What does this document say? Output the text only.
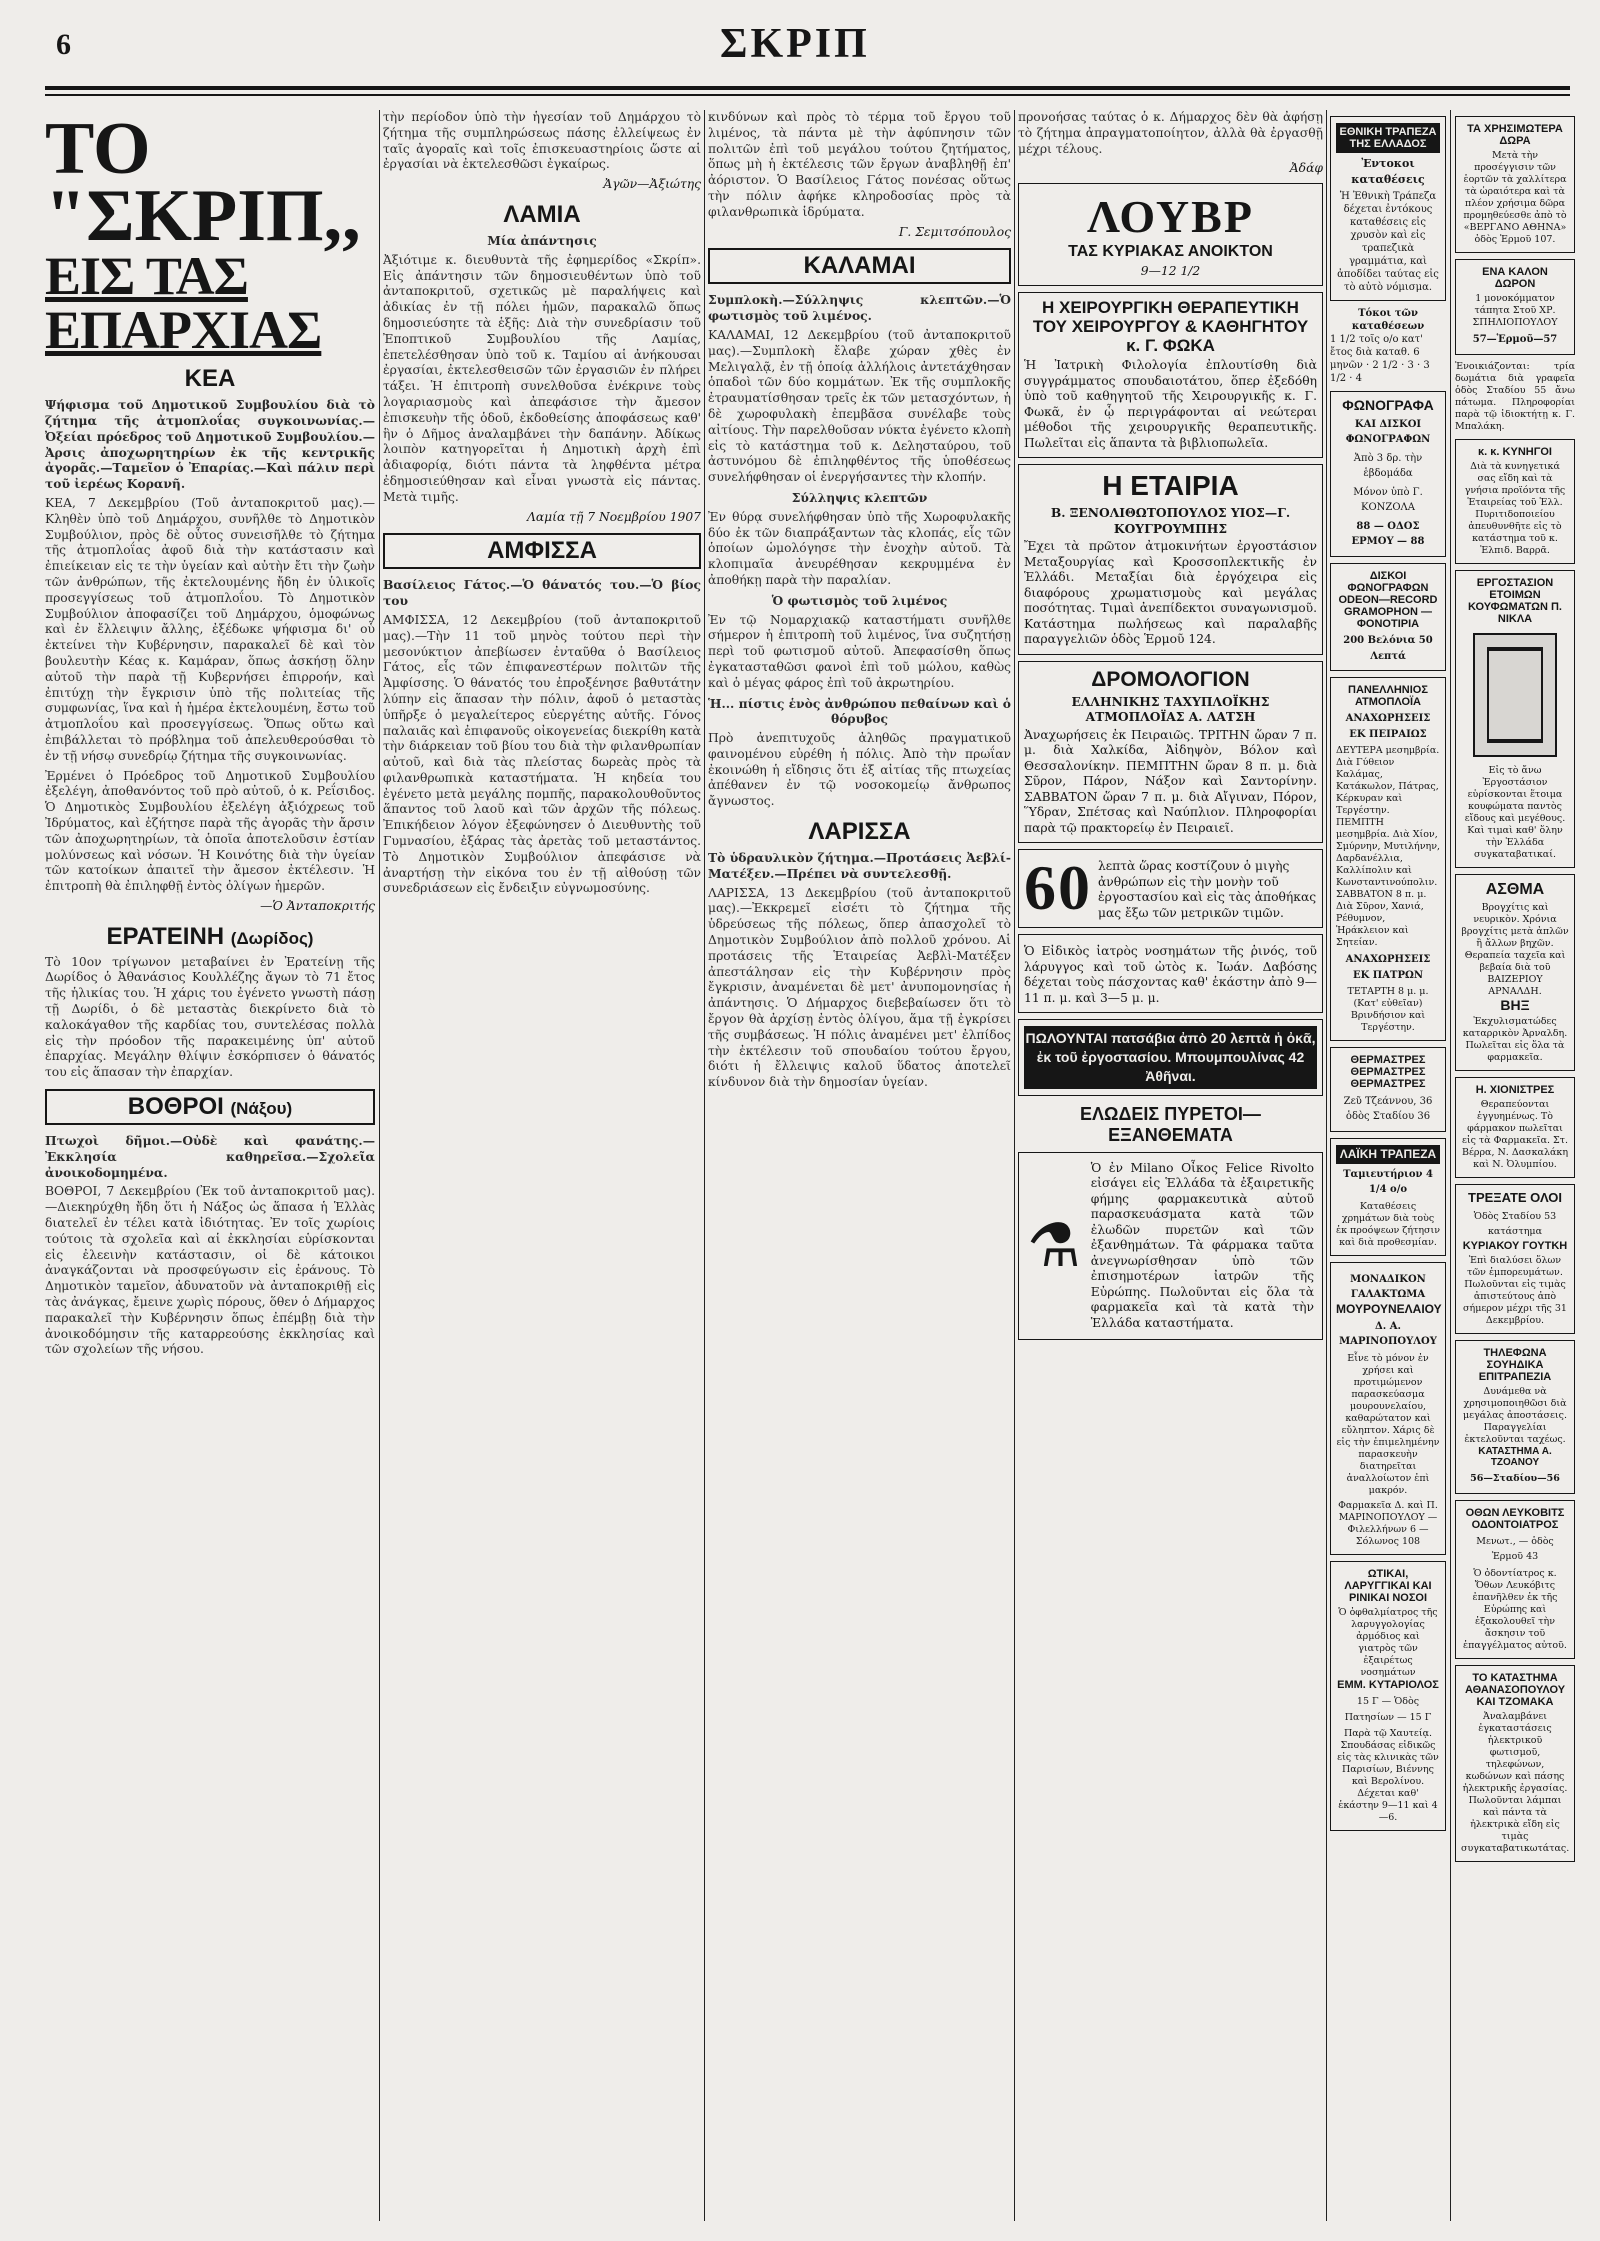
6	ΣΚΡΙΠ
ΤΟ "ΣΚΡΙΠ,,
ΕΙΣ ΤΑΣ ΕΠΑΡΧΙΑΣ
ΚΕΑ

Ψήφισμα τοῦ Δημοτικοῦ Συμβουλίου διὰ τὸ ζήτημα τῆς ἀτμοπλοΐας συγκοινωνίας.—Ὀξείαι πρόεδρος τοῦ Δημοτικοῦ Συμβουλίου.—Ἀρσις ἀποχωρητηρίων ἐκ τῆς κεντρικῆς ἀγορᾶς.—Ταμεῖον ὁ Ἐπαρίας.—Καὶ πάλιν περὶ τοῦ ἰερέως Κορανῆ.

ΚΕΑ, 7 Δεκεμβρίου (Τοῦ ἀνταποκριτοῦ μας).—Κληθὲν ὑπὸ τοῦ Δημάρχου, συνῆλθε τὸ Δημοτικὸν Συμβούλιον, πρὸς δὲ οὗτος συνεισῆλθε τὸ ζήτημα τῆς ἀτμοπλοΐας ἀφοῦ διὰ τὴν κατάστασιν καὶ ἐπιείκειαν εἰς τε τὴν ὑγείαν καὶ αὐτὴν ἔτι τὴν ζωὴν τῶν ἀνθρώπων, τῆς ἐκτελουμένης ἤδη ἐν ὑλικοῖς προσεγγίσεως τοῦ ἀτμοπλοΐου. Τὸ Δημοτικὸν Συμβούλιον ἀποφασίζει τοῦ Δημάρχου, ὁμοφώνως καὶ ἐν ἔλλειψιν ἄλλης, ἐξέδωκε ψήφισμα δι' οὗ ἐκτείνει τὴν Κυβέρνησιν, παρακαλεῖ δὲ καὶ τὸν βουλευτὴν Κέας κ. Καμάραν, ὅπως ἀσκήσῃ ὅλην αὐτοῦ τὴν παρὰ τῇ Κυβερνήσει ἐπιρροήν, καὶ ἐπιτύχῃ τὴν ἔγκρισιν ὑπὸ τῆς πολιτείας τῆς συμφωνίας, ἵνα καὶ ἡ ἡμέρα ἐκτελουμένη, ἔστω τοῦ ἀτμοπλοΐου καὶ προσεγγίσεως. Ὅπως οὕτω καὶ ἐπιβάλλεται τὸ πρόβλημα τοῦ ἀπελευθερούσθαι τὸ ἐν τῇ νήσῳ συνεδρίῳ ζήτημα τῆς συγκοινωνίας.

Ἐρμένει ὁ Πρόεδρος τοῦ Δημοτικοῦ Συμβουλίου ἐξελέγη, ἀποθανόντος τοῦ πρὸ αὐτοῦ, ὁ κ. Ρεΐσιδος. Ὁ Δημοτικὸς Συμβουλίου ἐξελέγη ἀξιόχρεως τοῦ Ἰδρύματος, καὶ ἐζήτησε παρὰ τῆς ἀγορᾶς τὴν ἄρσιν τῶν ἀποχωρητηρίων, τὰ ὁποῖα ἀποτελοῦσιν ἐστίαν μολύνσεως καὶ νόσων. Ἡ Κοινότης διὰ τὴν ὑγείαν τῶν κατοίκων ἀπαιτεῖ τὴν ἄμεσον ἐκτέλεσιν. Ἡ ἐπιτροπὴ θὰ ἐπιληφθῇ ἐντὸς ὀλίγων ἡμερῶν.

—Ὁ Ἀνταποκριτής
ΕΡΑΤΕΙΝΗ (Δωρίδος)

Τὸ 10ον τρίγωνον μεταβαίνει ἐν Ἐρατείνῃ τῆς Δωρίδος ὁ Ἀθανάσιος Κουλλέζης ἄγων τὸ 71 ἔτος τῆς ἡλικίας του. Ἡ χάρις του ἐγένετο γνωστὴ πάσῃ τῇ Δωρίδι, ὁ δὲ μεταστὰς διεκρίνετο διὰ τὸ καλοκάγαθον τῆς καρδίας του, συντελέσας πολλὰ εἰς τὴν πρόοδον τῆς παρακειμένης ὑπ' αὐτοῦ ἐπαρχίας. Μεγάλην θλίψιν ἐσκόρπισεν ὁ θάνατός του εἰς ἅπασαν τὴν ἐπαρχίαν.

ΒΟΘΡΟΙ (Νάξου)

Πτωχοὶ δῆμοι.—Οὐδὲ καὶ φανάτης.—Ἐκκλησία καθηρεῖσα.—Σχολεῖα ἀνοικοδομημένα.

ΒΟΘΡΟΙ, 7 Δεκεμβρίου (Ἐκ τοῦ ἀνταποκριτοῦ μας).—Διεκηρύχθη ἤδη ὅτι ἡ Νάξος ὡς ἅπασα ἡ Ἑλλὰς διατελεῖ ἐν τέλει κατὰ ἰδιότητας. Ἐν τοῖς χωρίοις τούτοις τὰ σχολεῖα καὶ αἱ ἐκκλησίαι εὑρίσκονται εἰς ἐλεεινὴν κατάστασιν, οἱ δὲ κάτοικοι ἀναγκάζονται νὰ προσφεύγωσιν εἰς ἐράνους. Τὸ Δημοτικὸν ταμεῖον, ἀδυνατοῦν νὰ ἀνταποκριθῇ εἰς τὰς ἀνάγκας, ἔμεινε χωρὶς πόρους, ὅθεν ὁ Δήμαρχος παρακαλεῖ τὴν Κυβέρνησιν ὅπως ἐπέμβῃ διὰ τὴν ἀνοικοδόμησιν τῆς καταρρεούσης ἐκκλησίας καὶ τῶν σχολείων τῆς νήσου.

τὴν περίοδον ὑπὸ τὴν ἡγεσίαν τοῦ Δημάρχου τὸ ζήτημα τῆς συμπληρώσεως πάσης ἐλλείψεως ἐν ταῖς ἀγοραῖς καὶ τοῖς ἐπισκευαστηρίοις ὥστε αἱ ἐργασίαι νὰ ἐκτελεσθῶσι ἐγκαίρως.

Ἀγῶν—Ἀξιώτης
ΛΑΜΙΑ

Μία ἀπάντησις

Ἀξιότιμε κ. διευθυντὰ τῆς ἐφημερίδος «Σκρίπ». Εἰς ἀπάντησιν τῶν δημοσιευθέντων ὑπὸ τοῦ ἀνταποκριτοῦ, σχετικῶς μὲ παραλήψεις καὶ ἀδικίας ἐν τῇ πόλει ἡμῶν, παρακαλῶ ὅπως δημοσιεύσητε τὰ ἑξῆς: Διὰ τὴν συνεδρίασιν τοῦ Ἐποπτικοῦ Συμβουλίου τῆς Λαμίας, ἐπετελέσθησαν ὑπὸ τοῦ κ. Ταμίου αἱ ἀνήκουσαι ἐργασίαι, ἐκτελεσθεισῶν τῶν ἐργασιῶν ἐν πλήρει τάξει. Ἡ ἐπιτροπὴ συνελθοῦσα ἐνέκρινε τοὺς λογαριασμοὺς καὶ ἀπεφάσισε τὴν ἄμεσον ἐπισκευὴν τῆς ὁδοῦ, ἐκδοθείσης ἀποφάσεως καθ' ἣν ὁ Δῆμος ἀναλαμβάνει τὴν δαπάνην. Ἀδίκως λοιπὸν κατηγορεῖται ἡ Δημοτικὴ ἀρχὴ ἐπὶ ἀδιαφορίᾳ, διότι πάντα τὰ ληφθέντα μέτρα ἐδημοσιεύθησαν καὶ εἶναι γνωστὰ εἰς πάντας. Μετὰ τιμῆς.

Λαμία τῇ 7 Νοεμβρίου 1907
ΑΜΦΙΣΣΑ

Βασίλειος Γάτος.—Ὁ θάνατός του.—Ὁ βίος του

ΑΜΦΙΣΣΑ, 12 Δεκεμβρίου (τοῦ ἀνταποκριτοῦ μας).—Τὴν 11 τοῦ μηνὸς τούτου περὶ τὴν μεσονύκτιον ἀπεβίωσεν ἐνταῦθα ὁ Βασίλειος Γάτος, εἷς τῶν ἐπιφανεστέρων πολιτῶν τῆς Ἀμφίσσης. Ὁ θάνατός του ἐπροξένησε βαθυτάτην λύπην εἰς ἅπασαν τὴν πόλιν, ἀφοῦ ὁ μεταστὰς ὑπῆρξε ὁ μεγαλείτερος εὐεργέτης αὐτῆς. Γόνος παλαιᾶς καὶ ἐπιφανοῦς οἰκογενείας διεκρίθη κατὰ τὴν διάρκειαν τοῦ βίου του διὰ τὴν φιλανθρωπίαν αὐτοῦ, καὶ διὰ τὰς πλείστας δωρεὰς πρὸς τὰ φιλανθρωπικὰ καταστήματα. Ἡ κηδεία του ἐγένετο μετὰ μεγάλης πομπῆς, παρακολουθοῦντος ἅπαντος τοῦ λαοῦ καὶ τῶν ἀρχῶν τῆς πόλεως. Ἐπικήδειον λόγον ἐξεφώνησεν ὁ Διευθυντὴς τοῦ Γυμνασίου, ἐξάρας τὰς ἀρετὰς τοῦ μεταστάντος. Τὸ Δημοτικὸν Συμβούλιον ἀπεφάσισε νὰ ἀναρτήσῃ τὴν εἰκόνα του ἐν τῇ αἰθούσῃ τῶν συνεδριάσεων εἰς ἔνδειξιν εὐγνωμοσύνης.

κινδύνων καὶ πρὸς τὸ τέρμα τοῦ ἔργου τοῦ λιμένος, τὰ πάντα μὲ τὴν ἀφύπνησιν τῶν πολιτῶν ἐπὶ τοῦ μεγάλου τούτου ζητήματος, ὅπως μὴ ἡ ἐκτέλεσις τῶν ἔργων ἀναβληθῇ ἐπ' ἀόριστον. Ὁ Βασίλειος Γάτος πονέσας οὕτως τὴν πόλιν ἀφήκε κληροδοσίας πρὸς τὰ φιλανθρωπικὰ ἱδρύματα.

Γ. Σεμιτσόπουλος
ΚΑΛΑΜΑΙ

Συμπλοκὴ.—Σύλληψις κλεπτῶν.—Ὁ φωτισμὸς τοῦ λιμένος.

ΚΑΛΑΜΑΙ, 12 Δεκεμβρίου (τοῦ ἀνταποκριτοῦ μας).—Συμπλοκὴ ἔλαβε χώραν χθὲς ἐν Μελιγαλᾷ, ἐν τῇ ὁποίᾳ ἀλλήλοις ἀντετάχθησαν ὁπαδοὶ τῶν δύο κομμάτων. Ἐκ τῆς συμπλοκῆς ἐτραυματίσθησαν τρεῖς ἐκ τῶν μετασχόντων, ἡ δὲ χωροφυλακὴ ἐπεμβᾶσα συνέλαβε τοὺς αἰτίους. Τὴν παρελθοῦσαν νύκτα ἐγένετο κλοπὴ εἰς τὸ κατάστημα τοῦ κ. Δελησταύρου, τοῦ ἀστυνόμου δὲ ἐπιληφθέντος τῆς ὑποθέσεως συνελήφθησαν οἱ ἐνεργήσαντες τὴν κλοπήν.

Σύλληψις κλεπτῶν

Ἐν θύρᾳ συνελήφθησαν ὑπὸ τῆς Χωροφυλακῆς δύο ἐκ τῶν διαπράξαντων τὰς κλοπάς, εἷς τῶν ὁποίων ὡμολόγησε τὴν ἐνοχὴν αὐτοῦ. Τὰ κλοπιμαῖα ἀνευρέθησαν κεκρυμμένα ἐν ἀποθήκῃ παρὰ τὴν παραλίαν.

Ὁ φωτισμὸς τοῦ λιμένος

Ἐν τῷ Νομαρχιακῷ καταστήματι συνῆλθε σήμερον ἡ ἐπιτροπὴ τοῦ λιμένος, ἵνα συζητήσῃ περὶ τοῦ φωτισμοῦ αὐτοῦ. Ἀπεφασίσθη ὅπως ἐγκατασταθῶσι φανοὶ ἐπὶ τοῦ μώλου, καθὼς καὶ ὁ μέγας φάρος ἐπὶ τοῦ ἀκρωτηρίου.

Ἡ... πίστις ἑνὸς ἀνθρώπου πεθαίνων καὶ ὁ θόρυβος

Πρὸ ἀνεπιτυχοῦς ἀληθῶς πραγματικοῦ φαινομένου εὑρέθη ἡ πόλις. Ἀπὸ τὴν πρωΐαν ἐκοινώθη ἡ εἴδησις ὅτι ἐξ αἰτίας τῆς πτωχείας ἀπέθανεν ἐν τῷ νοσοκομείῳ ἄνθρωπος ἄγνωστος.

ΛΑΡΙΣΣΑ

Τὸ ὑδραυλικὸν ζήτημα.—Προτάσεις Ἀεβλί-Ματέξεν.—Πρέπει νὰ συντελεσθῇ.

ΛΑΡΙΣΣΑ, 13 Δεκεμβρίου (τοῦ ἀνταποκριτοῦ μας).—Ἐκκρεμεῖ εἰσέτι τὸ ζήτημα τῆς ὑδρεύσεως τῆς πόλεως, ὅπερ ἀπασχολεῖ τὸ Δημοτικὸν Συμβούλιον ἀπὸ πολλοῦ χρόνου. Αἱ προτάσεις τῆς Ἑταιρείας Ἀεβλὶ-Ματέξεν ἀπεστάλησαν εἰς τὴν Κυβέρνησιν πρὸς ἔγκρισιν, ἀναμένεται δὲ μετ' ἀνυπομονησίας ἡ ἀπάντησις. Ὁ Δήμαρχος διεβεβαίωσεν ὅτι τὸ ἔργον θὰ ἀρχίσῃ ἐντὸς ὀλίγου, ἅμα τῇ ἐγκρίσει τῆς συμβάσεως. Ἡ πόλις ἀναμένει μετ' ἐλπίδος τὴν ἐκτέλεσιν τοῦ σπουδαίου τούτου ἔργου, διότι ἡ ἔλλειψις καλοῦ ὕδατος ἀποτελεῖ κίνδυνον διὰ τὴν δημοσίαν ὑγείαν.

προνοήσας ταύτας ὁ κ. Δήμαρχος δὲν θὰ ἀφήσῃ τὸ ζήτημα ἀπραγματοποίητον, ἀλλὰ θὰ ἐργασθῇ μέχρι τέλους.

Ἀδάφ
ΛΟΥΒΡ
ΤΑΣ ΚΥΡΙΑΚΑΣ ΑΝΟΙΚΤΟΝ
9—12 1/2
Η ΧΕΙΡΟΥΡΓΙΚΗ ΘΕΡΑΠΕΥΤΙΚΗ ΤΟΥ ΧΕΙΡΟΥΡΓΟΥ & ΚΑΘΗΓΗΤΟΥ κ. Γ. ΦΩΚΑ
Ἡ Ἰατρικὴ Φιλολογία ἐπλουτίσθη διὰ συγγράμματος σπουδαιοτάτου, ὅπερ ἐξεδόθη ὑπὸ τοῦ καθηγητοῦ τῆς Χειρουργικῆς κ. Γ. Φωκᾶ, ἐν ᾧ περιγράφονται αἱ νεώτεραι μέθοδοι τῆς χειρουργικῆς θεραπευτικῆς. Πωλεῖται εἰς ἅπαντα τὰ βιβλιοπωλεῖα.
Η ΕΤΑΙΡΙΑ
Β. ΞΕΝΟΛΙΘΩΤΟΠΟΥΛΟΣ ΥΙΟΣ—Γ. ΚΟΥΓΡΟΥΜΠΗΣ
Ἔχει τὰ πρῶτον ἀτμοκινήτων ἐργοστάσιον Μεταξουργίας καὶ Κροσσοπλεκτικῆς ἐν Ἑλλάδι. Μεταξίαι διὰ ἐργόχειρα εἰς διαφόρους χρωματισμοὺς καὶ μεγάλας ποσότητας. Τιμαὶ ἀνεπίδεκτοι συναγωνισμοῦ. Κατάστημα πωλήσεως καὶ παραλαβῆς παραγγελιῶν ὁδὸς Ἑρμοῦ 124.
ΔΡΟΜΟΛΟΓΙΟΝ
ΕΛΛΗΝΙΚΗΣ ΤΑΧΥΠΛΟΪΚΗΣ ΑΤΜΟΠΛΟΪΑΣ Α. ΛΑΤΣΗ
Ἀναχωρήσεις ἐκ Πειραιῶς. ΤΡΙΤΗΝ ὥραν 7 π. μ. διὰ Χαλκίδα, Ἀἰδηψὸν, Βόλον καὶ Θεσσαλονίκην. ΠΕΜΠΤΗΝ ὥραν 8 π. μ. διὰ Σῦρον, Πάρον, Νάξον καὶ Σαντορίνην. ΣΑΒΒΑΤΟΝ ὥραν 7 π. μ. διὰ Αἴγιναν, Πόρον, Ὕδραν, Σπέτσας καὶ Ναύπλιον. Πληροφορίαι παρὰ τῷ πρακτορείῳ ἐν Πειραιεῖ.
60 λεπτὰ ὥρας κοστίζουν ὁ μιγὴς ἀνθρώπων εἰς τὴν μονὴν τοῦ ἐργοστασίου καὶ εἰς τὰς ἀποθήκας μας ἔξω τῶν μετρικῶν τιμῶν.
Ὁ Εἰδικὸς ἰατρὸς νοσημάτων τῆς ῥινός, τοῦ λάρυγγος καὶ τοῦ ὠτὸς κ. Ἰωάν. Δαβόσης δέχεται τοὺς πάσχοντας καθ' ἑκάστην ἀπὸ 9—11 π. μ. καὶ 3—5 μ. μ.
ΠΩΛΟΥΝΤΑΙ πατσάβια ἀπὸ 20 λεπτὰ ἡ ὀκᾶ, ἐκ τοῦ ἐργοστασίου. Μπουμπουλίνας 42 Ἀθῆναι.
ΕΛΩΔΕΙΣ ΠΥΡΕΤΟΙ—ΕΞΑΝΘΕΜΑΤΑ
⚗
Ὁ ἐν Milano Οἶκος Felice Rivolto εἰσάγει εἰς Ἑλλάδα τὰ ἐξαιρετικῆς φήμης φαρμακευτικὰ αὐτοῦ παρασκευάσματα κατὰ τῶν ἐλωδῶν πυρετῶν καὶ τῶν ἐξανθημάτων. Τὰ φάρμακα ταῦτα ἀνεγνωρίσθησαν ὑπὸ τῶν ἐπισημοτέρων ἰατρῶν τῆς Εὐρώπης. Πωλοῦνται εἰς ὅλα τὰ φαρμακεῖα καὶ τὰ κατὰ τὴν Ἑλλάδα καταστήματα.
ΕΘΝΙΚΗ ΤΡΑΠΕΖΑ ΤΗΣ ΕΛΛΑΔΟΣ
Ἐντοκοι καταθέσεις
Ἡ Ἐθνικὴ Τράπεζα δέχεται ἐντόκους καταθέσεις εἰς χρυσὸν καὶ εἰς τραπεζικὰ γραμμάτια, καὶ ἀποδίδει ταύτας εἰς τὸ αὐτὸ νόμισμα.
Τόκοι τῶν καταθέσεων
1 1/2 τοῖς ο/ο κατ' ἔτος διὰ καταθ. 6 μηνῶν · 2 1/2 · 3 · 3 1/2 · 4
ΦΩΝΟΓΡΑΦΑ
ΚΑΙ ΔΙΣΚΟΙ ΦΩΝΟΓΡΑΦΩΝ
Ἀπὸ 3 δρ. τὴν ἑβδομάδα
Μόνον ὑπὸ Γ. ΚΟΝΖΟΛΑ
88 — ΟΔΟΣ ΕΡΜΟΥ — 88
ΔΙΣΚΟΙ ΦΩΝΟΓΡΑΦΩΝ ODEON—RECORD GRAMOPHON — ΦΟΝΟΤΙΡΙΑ
200 Βελόνια 50 Λεπτά
ΠΑΝΕΛΛΗΝΙΟΣ ΑΤΜΟΠΛΟΪΑ
ΑΝΑΧΩΡΗΣΕΙΣ ΕΚ ΠΕΙΡΑΙΩΣ
ΔΕΥΤΕΡΑ μεσημβρία. Διὰ Γύθειον Καλάμας, Κατάκωλον, Πάτρας, Κέρκυραν καὶ Τεργέστην. ΠΕΜΠΤΗ μεσημβρία. Διὰ Χίον, Σμύρνην, Μυτιλήνην, Δαρδανέλλια, Καλλίπολιν καὶ Κωνσταντινούπολιν. ΣΑΒΒΑΤΟΝ 8 π. μ. Διὰ Σῦρον, Χανιά, Ρέθυμνον, Ἡράκλειον καὶ Σητείαν.
ΑΝΑΧΩΡΗΣΕΙΣ ΕΚ ΠΑΤΡΩΝ
ΤΕΤΑΡΤΗ 8 μ. μ. (Κατ' εὐθεῖαν) Βρινδήσιον καὶ Τεργέστην.
ΘΕΡΜΑΣΤΡΕΣ ΘΕΡΜΑΣΤΡΕΣ ΘΕΡΜΑΣΤΡΕΣ
Ζεῦ Τζεάννου, 36 ὁδὸς Σταδίου 36
ΛΑΪΚΗ ΤΡΑΠΕΖΑ
Ταμιευτήριον 4 1/4 ο/ο
Καταθέσεις χρημάτων διὰ τοὺς ἐκ προόψεων ζήτησιν καὶ διὰ προθεσμίαν.
ΜΟΝΑΔΙΚΟΝ ΓΑΛΑΚΤΩΜΑ
ΜΟΥΡΟΥΝΕΛΑΙΟΥ
Δ. Α. ΜΑΡΙΝΟΠΟΥΛΟΥ
Εἶνε τὸ μόνον ἐν χρήσει καὶ προτιμώμενον παρασκεύασμα μουρουνελαίου, καθαρώτατον καὶ εὔληπτον. Χάρις δὲ εἰς τὴν ἐπιμελημένην παρασκευὴν διατηρεῖται ἀναλλοίωτον ἐπὶ μακρόν.
Φαρμακεῖα Δ. καὶ Π. ΜΑΡΙΝΟΠΟΥΛΟΥ — Φιλελλήνων 6 — Σόλωνος 108
ΩΤΙΚΑΙ, ΛΑΡΥΓΓΙΚΑΙ ΚΑΙ ΡΙΝΙΚΑΙ ΝΟΣΟΙ
Ὁ ὀφθαλμίατρος τῆς λαρυγγολογίας ἀρμόδιος καὶ γιατρὸς τῶν ἐξαιρέτως νοσημάτων
ΕΜΜ. ΚΥΤΑΡΙΟΛΟΣ
15 Γ — Ὁδὸς Πατησίων — 15 Γ
Παρὰ τῷ Χαυτείᾳ. Σπουδάσας εἰδικῶς εἰς τὰς κλινικὰς τῶν Παρισίων, Βιέννης καὶ Βερολίνου. Δέχεται καθ' ἑκάστην 9—11 καὶ 4—6.
ΤΑ ΧΡΗΣΙΜΩΤΕΡΑ ΔΩΡΑ
Μετὰ τὴν προσέγγισιν τῶν ἑορτῶν τὰ χαλλίτερα τὰ ὡραιότερα καὶ τὰ πλέον χρήσιμα δῶρα προμηθεύεσθε ἀπὸ τὸ «ΒΕΡΓΑΝΟ ΑΘΗΝΑ» ὁδὸς Ἑρμοῦ 107.
ΕΝΑ ΚΑΛΟΝ ΔΩΡΟΝ
1 μονοκόμματον τάπητα Στοῦ ΧΡ. ΣΠΗΛΙΟΠΟΥΛΟΥ
57—Ἑρμοῦ—57
Ἐνοικιάζονται: τρία δωμάτια διὰ γραφεῖα ὁδὸς Σταδίου 55 ἄνω πάτωμα. Πληροφορίαι παρὰ τῷ ἰδιοκτήτῃ κ. Γ. Μπαλάκη.
κ. κ. ΚΥΝΗΓΟΙ
Διὰ τὰ κυνηγετικά σας εἴδη καὶ τὰ γνήσια προϊόντα τῆς Ἑταιρείας τοῦ Ἑλλ. Πυριτιδοποιείου ἀπευθυνθῆτε εἰς τὸ κατάστημα τοῦ κ. Ἐλπιδ. Βαρρᾶ.
ΕΡΓΟΣΤΑΣΙΟΝ ΕΤΟΙΜΩΝ ΚΟΥΦΩΜΑΤΩΝ Π. ΝΙΚΛΑ
Εἰς τὸ ἄνω Ἐργοστάσιον εὑρίσκονται ἕτοιμα κουφώματα παντὸς εἴδους καὶ μεγέθους. Καὶ τιμαὶ καθ' ὅλην τὴν Ἑλλάδα συγκαταβατικαί.
ΑΣΘΜΑ
Βρογχίτις καὶ νευρικὸν. Χρόνια βρογχίτις μετὰ ἀπλῶν ἢ ἄλλων βηχῶν. Θεραπεία ταχεῖα καὶ βεβαία διὰ τοῦ ΒΑΙΖΕΡΙΟΥ ΑΡΝΑΛΔΗ.
ΒΗΞ
Ἐκχυλισματώδες καταρρικὸν Ἀρναλδη. Πωλεῖται εἰς ὅλα τὰ φαρμακεῖα.
Η. ΧΙΟΝΙΣΤΡΕΣ
Θεραπεύονται ἐγγυημένως. Τὸ φάρμακον πωλεῖται εἰς τὰ Φαρμακεῖα. Στ. Βέρρα, Ν. Δασκαλάκη καὶ Ν. Ὀλυμπίου.
ΤΡΕΞΑΤΕ ΟΛΟΙ
Ὁδὸς Σταδίου 53 κατάστημα
ΚΥΡΙΑΚΟΥ ΓΟΥΤΚΗ
Ἐπὶ διαλύσει ὅλων τῶν ἐμπορευμάτων. Πωλοῦνται εἰς τιμὰς ἀπιστεύτους ἀπὸ σήμερον μέχρι τῆς 31 Δεκεμβρίου.
ΤΗΛΕΦΩΝΑ ΣΟΥΗΔΙΚΑ ΕΠΙΤΡΑΠΕΖΙΑ
Δυνάμεθα νὰ χρησιμοποιηθῶσι διὰ μεγάλας ἀποστάσεις. Παραγγελίαι ἐκτελοῦνται ταχέως.
ΚΑΤΑΣΤΗΜΑ Α. ΤΖΟΑΝΟΥ
56—Σταδίου—56
ΟΘΩΝ ΛΕΥΚΟΒΙΤΣ ΟΔΟΝΤΟΙΑΤΡΟΣ
Μενωτ., — ὁδὸς Ἑρμοῦ 43
Ὁ ὀδοντίατρος κ. Ὄθων Λευκόβιτς ἐπανῆλθεν ἐκ τῆς Εὐρώπης καὶ ἐξακολουθεῖ τὴν ἄσκησιν τοῦ ἐπαγγέλματος αὐτοῦ.
ΤΟ ΚΑΤΑΣΤΗΜΑ ΑΘΑΝΑΣΟΠΟΥΛΟΥ ΚΑΙ ΤΖΟΜΑΚΑ
Ἀναλαμβάνει ἐγκαταστάσεις ἠλεκτρικοῦ φωτισμοῦ, τηλεφώνων, κωδώνων καὶ πάσης ἠλεκτρικῆς ἐργασίας. Πωλοῦνται λάμπαι καὶ πάντα τὰ ἠλεκτρικὰ εἴδη εἰς τιμὰς συγκαταβατικωτάτας.
